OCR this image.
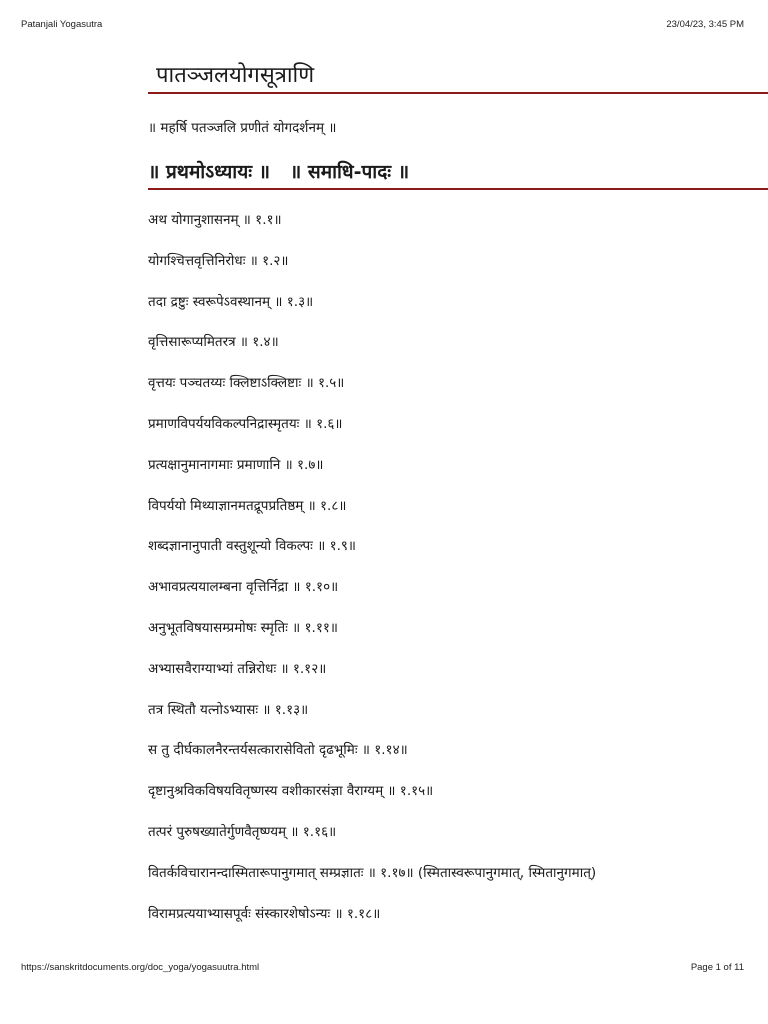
Patanjali Yogasutra	23/04/23, 3:45 PM
पातञ्जलयोगसूत्राणि

॥ महर्षि पतञ्जलि प्रणीतं योगदर्शनम् ॥

॥ प्रथमोऽध्यायः ॥   ॥ समाधि-पादः ॥
अथ योगानुशासनम् ॥ १.१॥
योगश्चित्तवृत्तिनिरोधः ॥ १.२॥
तदा द्रष्टुः स्वरूपेऽवस्थानम् ॥ १.३॥
वृत्तिसारूप्यमितरत्र ॥ १.४॥
वृत्तयः पञ्चतय्यः क्लिष्टाऽक्लिष्टाः ॥ १.५॥
प्रमाणविपर्ययविकल्पनिद्रास्मृतयः ॥ १.६॥
प्रत्यक्षानुमानागमाः प्रमाणानि ॥ १.७॥
विपर्ययो मिथ्याज्ञानमतद्रूपप्रतिष्ठम् ॥ १.८॥
शब्दज्ञानानुपाती वस्तुशून्यो विकल्पः ॥ १.९॥
अभावप्रत्ययालम्बना वृत्तिर्निद्रा ॥ १.१०॥
अनुभूतविषयासम्प्रमोषः स्मृतिः ॥ १.११॥
अभ्यासवैराग्याभ्यां तन्निरोधः ॥ १.१२॥
तत्र स्थितौ यत्नोऽभ्यासः ॥ १.१३॥
स तु दीर्घकालनैरन्तर्यसत्कारासेवितो दृढभूमिः ॥ १.१४॥
दृष्टानुश्रविकविषयवितृष्णस्य वशीकारसंज्ञा वैराग्यम् ॥ १.१५॥
तत्परं पुरुषख्यातेर्गुणवैतृष्ण्यम् ॥ १.१६॥
वितर्कविचारानन्दास्मितारूपानुगमात् सम्प्रज्ञातः ॥ १.१७॥ (स्मितास्वरूपानुगमात्, स्मितानुगमात्)
विरामप्रत्ययाभ्यासपूर्वः संस्कारशेषोऽन्यः ॥ १.१८॥
https://sanskritdocuments.org/doc_yoga/yogasuutra.html	Page 1 of 11
